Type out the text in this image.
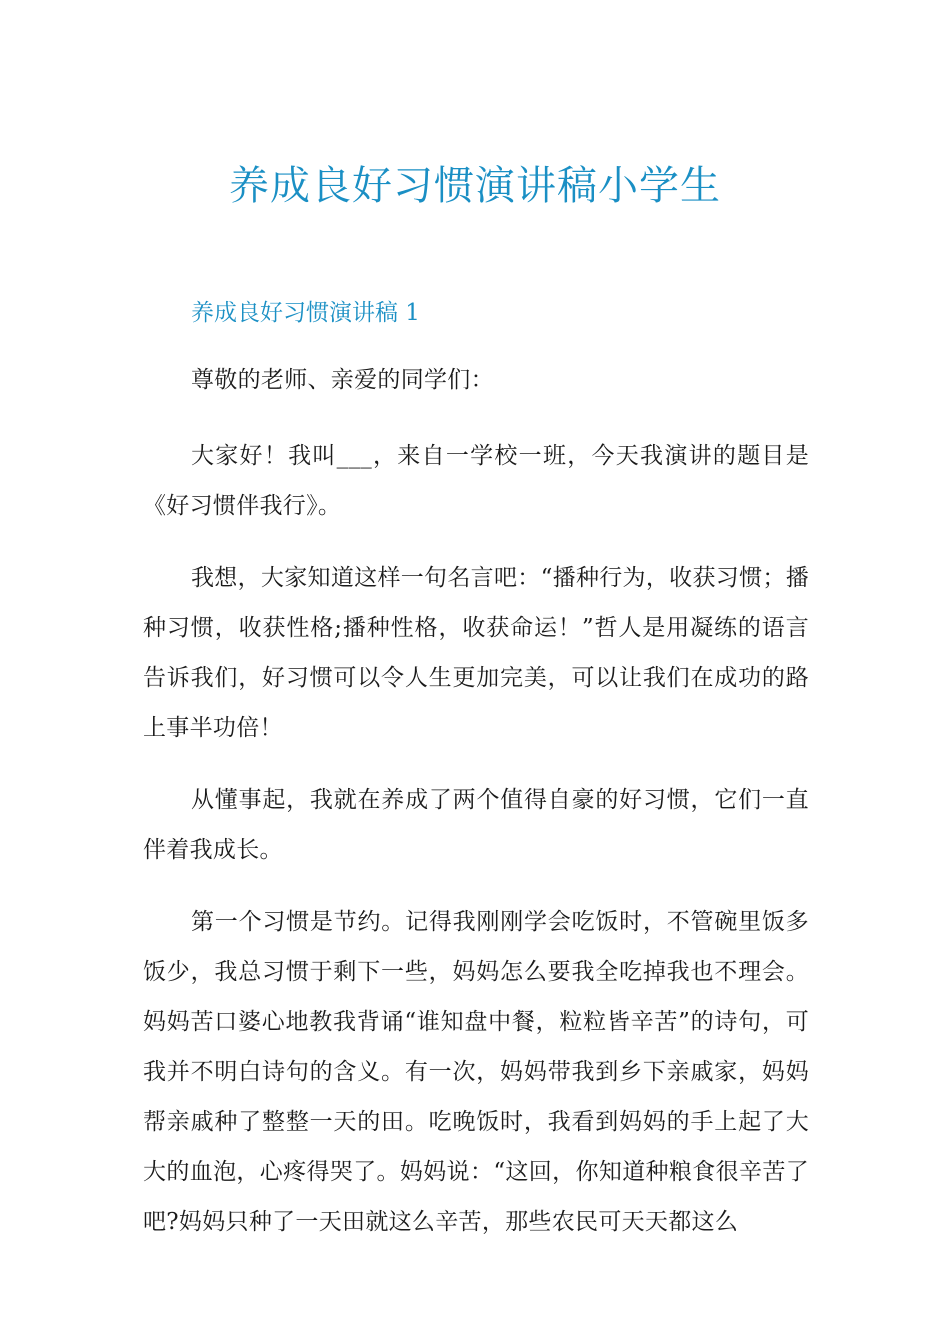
养成良好习惯演讲稿小学生

养成良好习惯演讲稿 1

尊敬的老师、亲爱的同学们：

大家好！我叫___，来自一学校一班，今天我演讲的题目是《好习惯伴我行》。

我想，大家知道这样一句名言吧：“播种行为，收获习惯；播种习惯，收获性格;播种性格，收获命运！”哲人是用凝练的语言告诉我们，好习惯可以令人生更加完美，可以让我们在成功的路上事半功倍！

从懂事起，我就在养成了两个值得自豪的好习惯，它们一直伴着我成长。

第一个习惯是节约。记得我刚刚学会吃饭时，不管碗里饭多饭少，我总习惯于剩下一些，妈妈怎么要我全吃掉我也不理会。妈妈苦口婆心地教我背诵“谁知盘中餐，粒粒皆辛苦”的诗句，可我并不明白诗句的含义。有一次，妈妈带我到乡下亲戚家，妈妈帮亲戚种了整整一天的田。吃晚饭时，我看到妈妈的手上起了大大的血泡，心疼得哭了。妈妈说：“这回，你知道种粮食很辛苦了吧?妈妈只种了一天田就这么辛苦，那些农民可天天都这么
